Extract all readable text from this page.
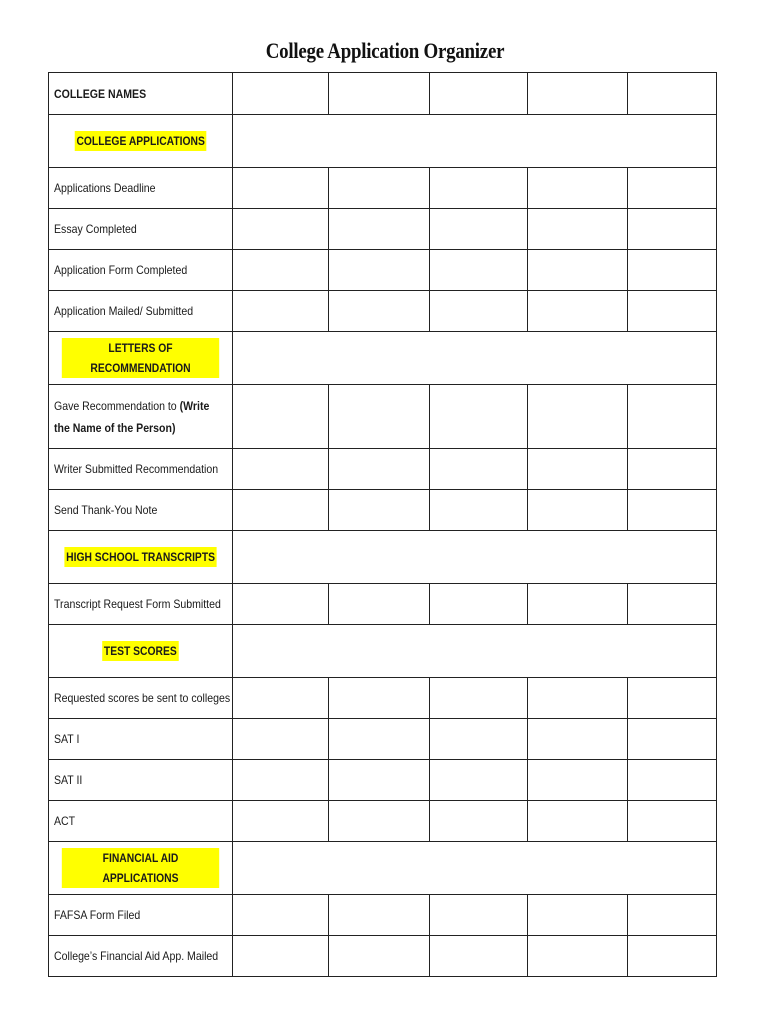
College Application Organizer
COLLEGE NAMES					
COLLEGE APPLICATIONS					
Applications Deadline					
Essay Completed					
Application Form Completed					
Application Mailed/ Submitted					
LETTERS OF RECOMMENDATION					
Gave Recommendation to (Write the Name of the Person)					
Writer Submitted Recommendation					
Send Thank-You Note					
HIGH SCHOOL TRANSCRIPTS					
Transcript Request Form Submitted					
TEST SCORES					
Requested scores be sent to colleges					
SAT I					
SAT II					
ACT					
FINANCIAL AID APPLICATIONS					
FAFSA Form Filed					
College’s Financial Aid App. Mailed					
